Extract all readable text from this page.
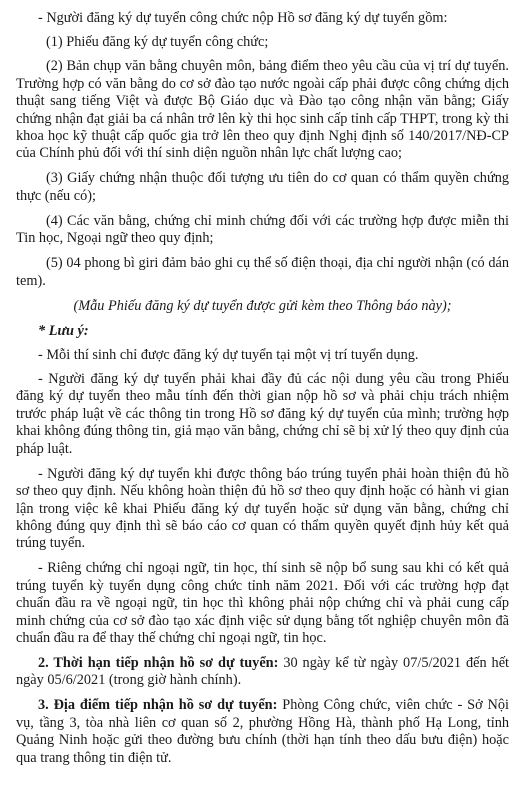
- Người đăng ký dự tuyển công chức nộp Hồ sơ đăng ký dự tuyển gồm:

(1) Phiếu đăng ký dự tuyển công chức;

(2) Bản chụp văn bằng chuyên môn, bảng điểm theo yêu cầu của vị trí dự tuyển. Trường hợp có văn bằng do cơ sở đào tạo nước ngoài cấp phải được công chứng dịch thuật sang tiếng Việt và được Bộ Giáo dục và Đào tạo công nhận văn bằng; Giấy chứng nhận đạt giải ba cá nhân trở lên kỳ thi học sinh cấp tỉnh cấp THPT, trong kỳ thi khoa học kỹ thuật cấp quốc gia trở lên theo quy định Nghị định số 140/2017/NĐ-CP của Chính phủ đối với thí sinh diện nguồn nhân lực chất lượng cao;

(3) Giấy chứng nhận thuộc đối tượng ưu tiên do cơ quan có thẩm quyền chứng thực (nếu có);

(4) Các văn bằng, chứng chỉ minh chứng đối với các trường hợp được miễn thi Tin học, Ngoại ngữ theo quy định;

(5) 04 phong bì giri đảm bảo ghi cụ thể số điện thoại, địa chỉ người nhận (có dán tem).

(Mẫu Phiếu đăng ký dự tuyển được gửi kèm theo Thông báo này);

* Lưu ý:

- Mỗi thí sinh chỉ được đăng ký dự tuyển tại một vị trí tuyển dụng.

- Người đăng ký dự tuyển phải khai đầy đủ các nội dung yêu cầu trong Phiếu đăng ký dự tuyển theo mẫu tính đến thời gian nộp hồ sơ và phải chịu trách nhiệm trước pháp luật về các thông tin trong Hồ sơ đăng ký dự tuyển của mình; trường hợp khai không đúng thông tin, giả mạo văn bằng, chứng chỉ sẽ bị xử lý theo quy định của pháp luật.

- Người đăng ký dự tuyển khi được thông báo trúng tuyển phải hoàn thiện đủ hồ sơ theo quy định. Nếu không hoàn thiện đủ hồ sơ theo quy định hoặc có hành vi gian lận trong việc kê khai Phiếu đăng ký dự tuyển hoặc sử dụng văn bằng, chứng chỉ không đúng quy định thì sẽ báo cáo cơ quan có thẩm quyền quyết định hủy kết quả trúng tuyển.

- Riêng chứng chỉ ngoại ngữ, tin học, thí sinh sẽ nộp bổ sung sau khi có kết quả trúng tuyển kỳ tuyển dụng công chức tỉnh năm 2021. Đối với các trường hợp đạt chuẩn đầu ra về ngoại ngữ, tin học thì không phải nộp chứng chỉ và phải cung cấp minh chứng của cơ sở đào tạo xác định việc sử dụng bằng tốt nghiệp chuyên môn đã chuẩn đầu ra để thay thế chứng chỉ ngoại ngữ, tin học.

2. Thời hạn tiếp nhận hồ sơ dự tuyển: 30 ngày kể từ ngày 07/5/2021 đến hết ngày 05/6/2021 (trong giờ hành chính).

3. Địa điểm tiếp nhận hồ sơ dự tuyển: Phòng Công chức, viên chức - Sở Nội vụ, tầng 3, tòa nhà liên cơ quan số 2, phường Hồng Hà, thành phố Hạ Long, tỉnh Quảng Ninh hoặc gửi theo đường bưu chính (thời hạn tính theo dấu bưu điện) hoặc qua trang thông tin điện tử.
